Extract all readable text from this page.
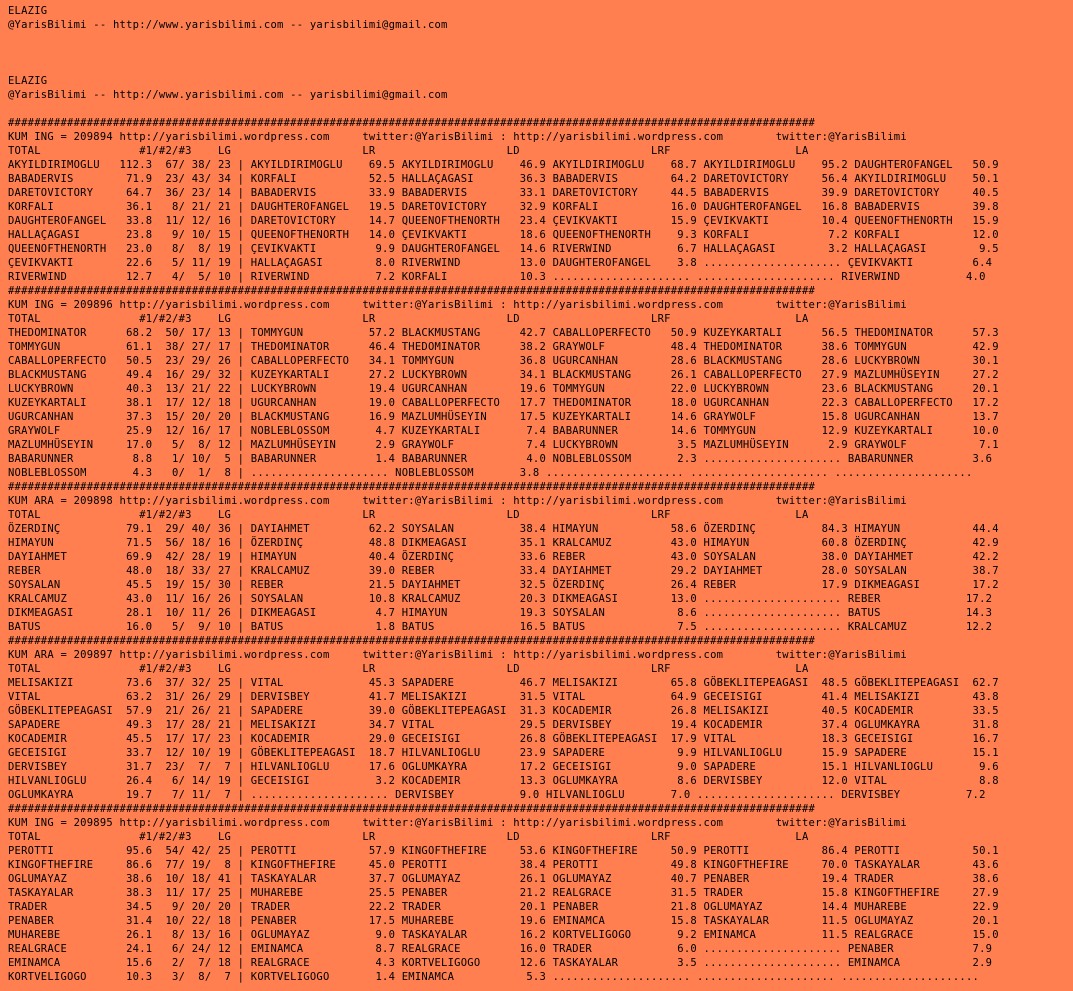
ELAZIG
@YarisBilimi -- http://www.yarisbilimi.com -- yarisbilimi@gmail.com
ELAZIG
@YarisBilimi -- http://www.yarisbilimi.com -- yarisbilimi@gmail.com
###########################################################################################################################
KUM ING = 209894 http://yarisbilimi.wordpress.com     twitter:@YarisBilimi : http://yarisbilimi.wordpress.com        twitter:@YarisBilimi
TOTAL               #1/#2/#3    LG                    LR                    LD                    LRF                   LA
AKYILDIRIMOGLU   112.3  67/ 38/ 23 | AKYILDIRIMOGLU    69.5 AKYILDIRIMOGLU    46.9 AKYILDIRIMOGLU    68.7 AKYILDIRIMOGLU    95.2 DAUGHTEROFANGEL   50.9
BABADERVIS        71.9  23/ 43/ 34 | KORFALI           52.5 HALLAÇAGASI       36.3 BABADERVIS        64.2 DARETOVICTORY     56.4 AKYILDIRIMOGLU    50.1
DARETOVICTORY     64.7  36/ 23/ 14 | BABADERVIS        33.9 BABADERVIS        33.1 DARETOVICTORY     44.5 BABADERVIS        39.9 DARETOVICTORY     40.5
KORFALI           36.1   8/ 21/ 21 | DAUGHTEROFANGEL   19.5 DARETOVICTORY     32.9 KORFALI           16.0 DAUGHTEROFANGEL   16.8 BABADERVIS        39.8
DAUGHTEROFANGEL   33.8  11/ 12/ 16 | DARETOVICTORY     14.7 QUEENOFTHENORTH   23.4 ÇEVIKVAKTI        15.9 ÇEVIKVAKTI        10.4 QUEENOFTHENORTH   15.9
HALLAÇAGASI       23.8   9/ 10/ 15 | QUEENOFTHENORTH   14.0 ÇEVIKVAKTI        18.6 QUEENOFTHENORTH    9.3 KORFALI            7.2 KORFALI           12.0
QUEENOFTHENORTH   23.0   8/  8/ 19 | ÇEVIKVAKTI         9.9 DAUGHTEROFANGEL   14.6 RIVERWIND          6.7 HALLAÇAGASI        3.2 HALLAÇAGASI        9.5
ÇEVIKVAKTI        22.6   5/ 11/ 19 | HALLAÇAGASI        8.0 RIVERWIND         13.0 DAUGHTEROFANGEL    3.8 ..................... ÇEVIKVAKTI         6.4
RIVERWIND         12.7   4/  5/ 10 | RIVERWIND          7.2 KORFALI           10.3 ..................... ..................... RIVERWIND          4.0
###########################################################################################################################
KUM ING = 209896 http://yarisbilimi.wordpress.com     twitter:@YarisBilimi : http://yarisbilimi.wordpress.com        twitter:@YarisBilimi
TOTAL               #1/#2/#3    LG                    LR                    LD                    LRF                   LA
THEDOMINATOR      68.2  50/ 17/ 13 | TOMMYGUN          57.2 BLACKMUSTANG      42.7 CABALLOPERFECTO   50.9 KUZEYKARTALI      56.5 THEDOMINATOR      57.3
TOMMYGUN          61.1  38/ 27/ 17 | THEDOMINATOR      46.4 THEDOMINATOR      38.2 GRAYWOLF          48.4 THEDOMINATOR      38.6 TOMMYGUN          42.9
CABALLOPERFECTO   50.5  23/ 29/ 26 | CABALLOPERFECTO   34.1 TOMMYGUN          36.8 UGURCANHAN        28.6 BLACKMUSTANG      28.6 LUCKYBROWN        30.1
BLACKMUSTANG      49.4  16/ 29/ 32 | KUZEYKARTALI      27.2 LUCKYBROWN        34.1 BLACKMUSTANG      26.1 CABALLOPERFECTO   27.9 MAZLUMHÜSEYIN     27.2
LUCKYBROWN        40.3  13/ 21/ 22 | LUCKYBROWN        19.4 UGURCANHAN        19.6 TOMMYGUN          22.0 LUCKYBROWN        23.6 BLACKMUSTANG      20.1
KUZEYKARTALI      38.1  17/ 12/ 18 | UGURCANHAN        19.0 CABALLOPERFECTO   17.7 THEDOMINATOR      18.0 UGURCANHAN        22.3 CABALLOPERFECTO   17.2
UGURCANHAN        37.3  15/ 20/ 20 | BLACKMUSTANG      16.9 MAZLUMHÜSEYIN     17.5 KUZEYKARTALI      14.6 GRAYWOLF          15.8 UGURCANHAN        13.7
GRAYWOLF          25.9  12/ 16/ 17 | NOBLEBLOSSOM       4.7 KUZEYKARTALI       7.4 BABARUNNER        14.6 TOMMYGUN          12.9 KUZEYKARTALI      10.0
MAZLUMHÜSEYIN     17.0   5/  8/ 12 | MAZLUMHÜSEYIN      2.9 GRAYWOLF           7.4 LUCKYBROWN         3.5 MAZLUMHÜSEYIN      2.9 GRAYWOLF           7.1
BABARUNNER         8.8   1/ 10/  5 | BABARUNNER         1.4 BABARUNNER         4.0 NOBLEBLOSSOM       2.3 ..................... BABARUNNER         3.6
NOBLEBLOSSOM       4.3   0/  1/  8 | ..................... NOBLEBLOSSOM       3.8 ..................... ..................... .....................
###########################################################################################################################
KUM ARA = 209898 http://yarisbilimi.wordpress.com     twitter:@YarisBilimi : http://yarisbilimi.wordpress.com        twitter:@YarisBilimi
TOTAL               #1/#2/#3    LG                    LR                    LD                    LRF                   LA
ÖZERDINÇ          79.1  29/ 40/ 36 | DAYIAHMET         62.2 SOYSALAN          38.4 HIMAYUN           58.6 ÖZERDINÇ          84.3 HIMAYUN           44.4
HIMAYUN           71.5  56/ 18/ 16 | ÖZERDINÇ          48.8 DIKMEAGASI        35.1 KRALCAMUZ         43.0 HIMAYUN           60.8 ÖZERDINÇ          42.9
DAYIAHMET         69.9  42/ 28/ 19 | HIMAYUN           40.4 ÖZERDINÇ          33.6 REBER             43.0 SOYSALAN          38.0 DAYIAHMET         42.2
REBER             48.0  18/ 33/ 27 | KRALCAMUZ         39.0 REBER             33.4 DAYIAHMET         29.2 DAYIAHMET         28.0 SOYSALAN          38.7
SOYSALAN          45.5  19/ 15/ 30 | REBER             21.5 DAYIAHMET         32.5 ÖZERDINÇ          26.4 REBER             17.9 DIKMEAGASI        17.2
KRALCAMUZ         43.0  11/ 16/ 26 | SOYSALAN          10.8 KRALCAMUZ         20.3 DIKMEAGASI        13.0 ..................... REBER             17.2
DIKMEAGASI        28.1  10/ 11/ 26 | DIKMEAGASI         4.7 HIMAYUN           19.3 SOYSALAN           8.6 ..................... BATUS             14.3
BATUS             16.0   5/  9/ 10 | BATUS              1.8 BATUS             16.5 BATUS              7.5 ..................... KRALCAMUZ         12.2
###########################################################################################################################
KUM ARA = 209897 http://yarisbilimi.wordpress.com     twitter:@YarisBilimi : http://yarisbilimi.wordpress.com        twitter:@YarisBilimi
TOTAL               #1/#2/#3    LG                    LR                    LD                    LRF                   LA
MELISAKIZI        73.6  37/ 32/ 25 | VITAL             45.3 SAPADERE          46.7 MELISAKIZI        65.8 GÖBEKLITEPEAGASI  48.5 GÖBEKLITEPEAGASI  62.7
VITAL             63.2  31/ 26/ 29 | DERVISBEY         41.7 MELISAKIZI        31.5 VITAL             64.9 GECEISIGI         41.4 MELISAKIZI        43.8
GÖBEKLITEPEAGASI  57.9  21/ 26/ 21 | SAPADERE          39.0 GÖBEKLITEPEAGASI  31.3 KOCADEMIR         26.8 MELISAKIZI        40.5 KOCADEMIR         33.5
SAPADERE          49.3  17/ 28/ 21 | MELISAKIZI        34.7 VITAL             29.5 DERVISBEY         19.4 KOCADEMIR         37.4 OGLUMKAYRA        31.8
KOCADEMIR         45.5  17/ 17/ 23 | KOCADEMIR         29.0 GECEISIGI         26.8 GÖBEKLITEPEAGASI  17.9 VITAL             18.3 GECEISIGI         16.7
GECEISIGI         33.7  12/ 10/ 19 | GÖBEKLITEPEAGASI  18.7 HILVANLIOGLU      23.9 SAPADERE           9.9 HILVANLIOGLU      15.9 SAPADERE          15.1
DERVISBEY         31.7  23/  7/  7 | HILVANLIOGLU      17.6 OGLUMKAYRA        17.2 GECEISIGI          9.0 SAPADERE          15.1 HILVANLIOGLU       9.6
HILVANLIOGLU      26.4   6/ 14/ 19 | GECEISIGI          3.2 KOCADEMIR         13.3 OGLUMKAYRA         8.6 DERVISBEY         12.0 VITAL              8.8
OGLUMKAYRA        19.7   7/ 11/  7 | ..................... DERVISBEY          9.0 HILVANLIOGLU       7.0 ..................... DERVISBEY          7.2
###########################################################################################################################
KUM ING = 209895 http://yarisbilimi.wordpress.com     twitter:@YarisBilimi : http://yarisbilimi.wordpress.com        twitter:@YarisBilimi
TOTAL               #1/#2/#3    LG                    LR                    LD                    LRF                   LA
PEROTTI           95.6  54/ 42/ 25 | PEROTTI           57.9 KINGOFTHEFIRE     53.6 KINGOFTHEFIRE     50.9 PEROTTI           86.4 PEROTTI           50.1
KINGOFTHEFIRE     86.6  77/ 19/  8 | KINGOFTHEFIRE     45.0 PEROTTI           38.4 PEROTTI           49.8 KINGOFTHEFIRE     70.0 TASKAYALAR        43.6
OGLUMAYAZ         38.6  10/ 18/ 41 | TASKAYALAR        37.7 OGLUMAYAZ         26.1 OGLUMAYAZ         40.7 PENABER           19.4 TRADER            38.6
TASKAYALAR        38.3  11/ 17/ 25 | MUHAREBE          25.5 PENABER           21.2 REALGRACE         31.5 TRADER            15.8 KINGOFTHEFIRE     27.9
TRADER            34.5   9/ 20/ 20 | TRADER            22.2 TRADER            20.1 PENABER           21.8 OGLUMAYAZ         14.4 MUHAREBE          22.9
PENABER           31.4  10/ 22/ 18 | PENABER           17.5 MUHAREBE          19.6 EMINAMCA          15.8 TASKAYALAR        11.5 OGLUMAYAZ         20.1
MUHAREBE          26.1   8/ 13/ 16 | OGLUMAYAZ          9.0 TASKAYALAR        16.2 KORTVELIGOGO       9.2 EMINAMCA          11.5 REALGRACE         15.0
REALGRACE         24.1   6/ 24/ 12 | EMINAMCA           8.7 REALGRACE         16.0 TRADER             6.0 ..................... PENABER            7.9
EMINAMCA          15.6   2/  7/ 18 | REALGRACE          4.3 KORTVELIGOGO      12.6 TASKAYALAR         3.5 ..................... EMINAMCA           2.9
KORTVELIGOGO      10.3   3/  8/  7 | KORTVELIGOGO       1.4 EMINAMCA           5.3 ..................... ..................... .....................
